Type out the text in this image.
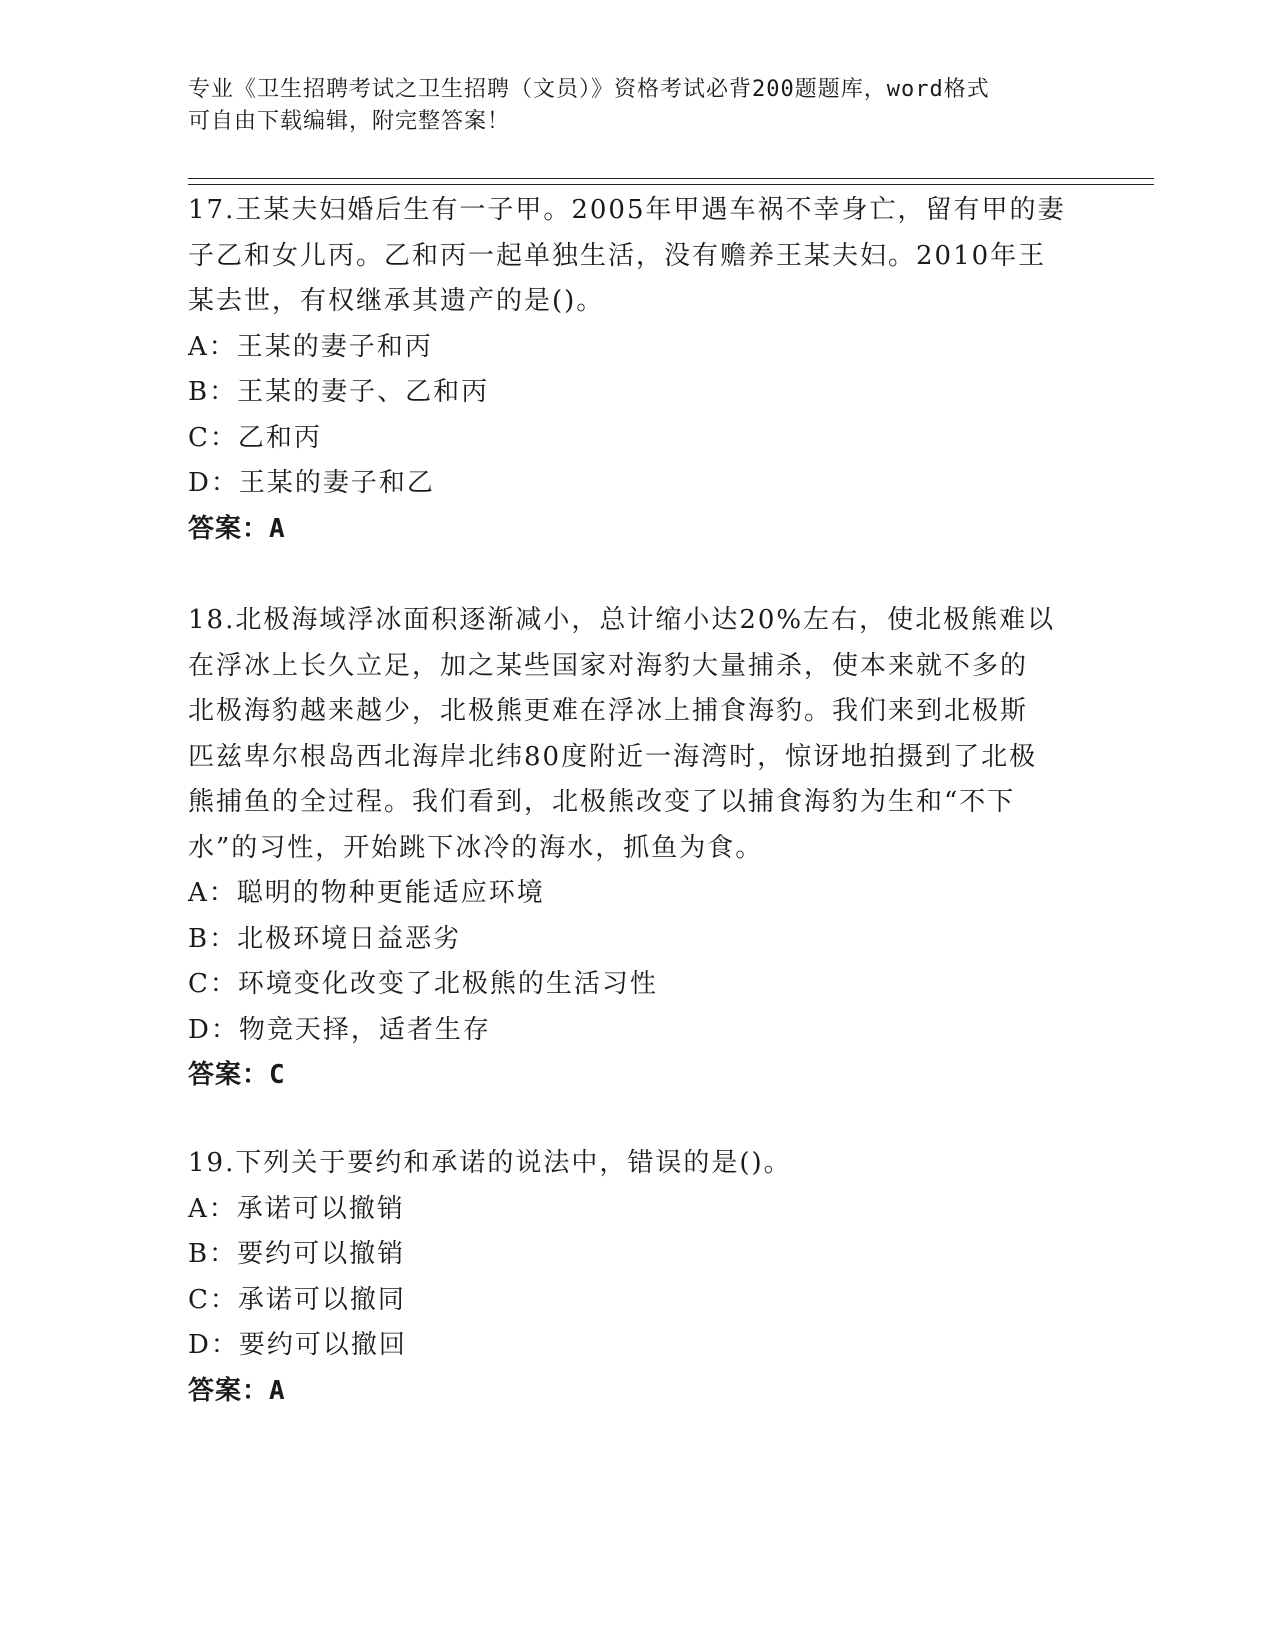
专业《卫生招聘考试之卫生招聘（文员）》资格考试必背200题题库，word格式

可自由下载编辑，附完整答案！

17.王某夫妇婚后生有一子甲。2005年甲遇车祸不幸身亡，留有甲的妻

子乙和女儿丙。乙和丙一起单独生活，没有赡养王某夫妇。2010年王

某去世，有权继承其遗产的是()。

A：王某的妻子和丙

B：王某的妻子、乙和丙

C：乙和丙

D：王某的妻子和乙

答案：A

18.北极海域浮冰面积逐渐减小，总计缩小达20%左右，使北极熊难以

在浮冰上长久立足，加之某些国家对海豹大量捕杀，使本来就不多的

北极海豹越来越少，北极熊更难在浮冰上捕食海豹。我们来到北极斯

匹兹卑尔根岛西北海岸北纬80度附近一海湾时，惊讶地拍摄到了北极

熊捕鱼的全过程。我们看到，北极熊改变了以捕食海豹为生和“不下

水”的习性，开始跳下冰冷的海水，抓鱼为食。

A：聪明的物种更能适应环境

B：北极环境日益恶劣

C：环境变化改变了北极熊的生活习性

D：物竞天择，适者生存

答案：C

19.下列关于要约和承诺的说法中，错误的是()。

A：承诺可以撤销

B：要约可以撤销

C：承诺可以撤同

D：要约可以撤回

答案：A
